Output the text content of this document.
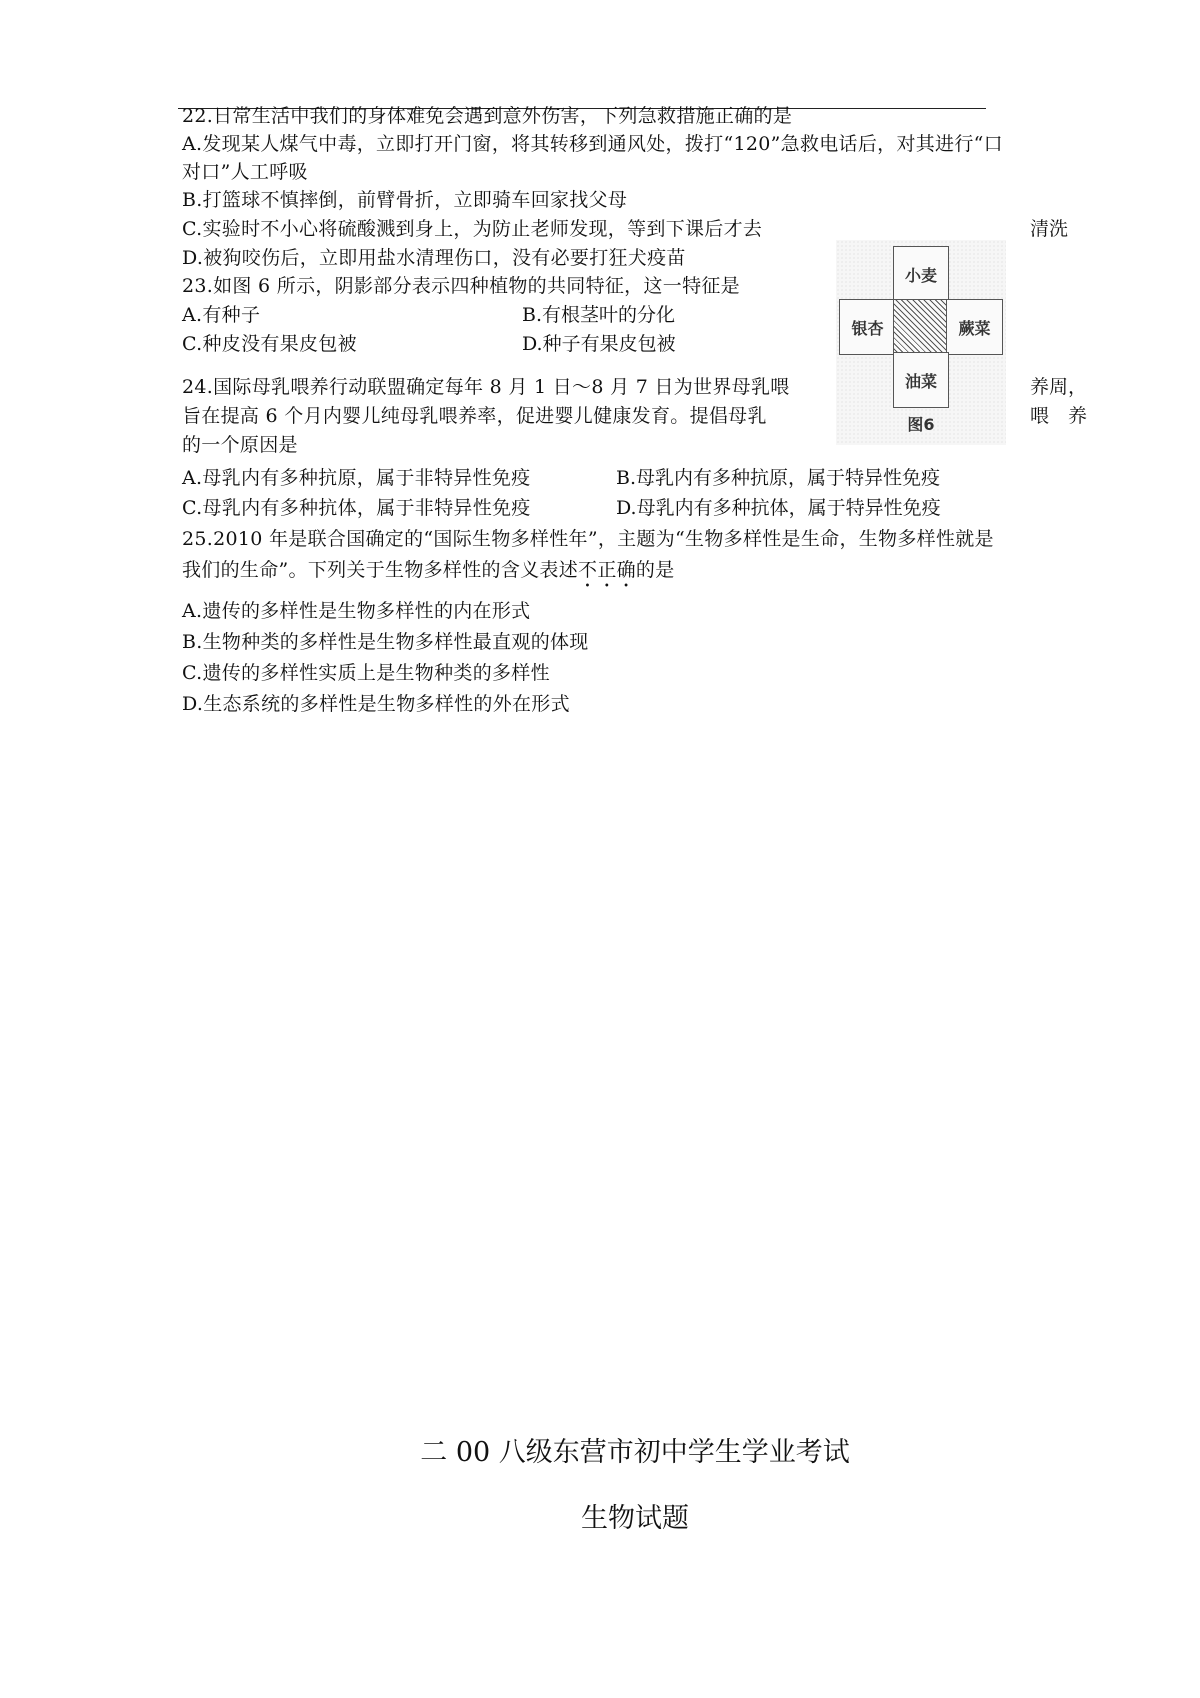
22.日常生活中我们的身体难免会遇到意外伤害，下列急救措施正确的是
A.发现某人煤气中毒，立即打开门窗，将其转移到通风处，拨打“120”急救电话后，对其进行“口
对口”人工呼吸
B.打篮球不慎摔倒，前臂骨折，立即骑车回家找父母
C.实验时不小心将硫酸溅到身上，为防止老师发现，等到下课后才去	清洗
D.被狗咬伤后，立即用盐水清理伤口，没有必要打狂犬疫苗
23.如图 6 所示，阴影部分表示四种植物的共同特征，这一特征是
A.有种子	B.有根茎叶的分化
C.种皮没有果皮包被	D.种子有果皮包被
小麦
银杏	蕨菜
油菜
图6
24.国际母乳喂养行动联盟确定每年 8 月 1 日～8 月 7 日为世界母乳喂	养周，
旨在提高 6 个月内婴儿纯母乳喂养率，促进婴儿健康发育。提倡母乳	喂　养
的一个原因是
A.母乳内有多种抗原，属于非特异性免疫	B.母乳内有多种抗原，属于特异性免疫
C.母乳内有多种抗体，属于非特异性免疫	D.母乳内有多种抗体，属于特异性免疫
25.2010 年是联合国确定的“国际生物多样性年”，主题为“生物多样性是生命，生物多样性就是
我们的生命”。下列关于生物多样性的含义表述不正确的是
A.遗传的多样性是生物多样性的内在形式
B.生物种类的多样性是生物多样性最直观的体现
C.遗传的多样性实质上是生物种类的多样性
D.生态系统的多样性是生物多样性的外在形式
二 00 八级东营市初中学生学业考试
生物试题
